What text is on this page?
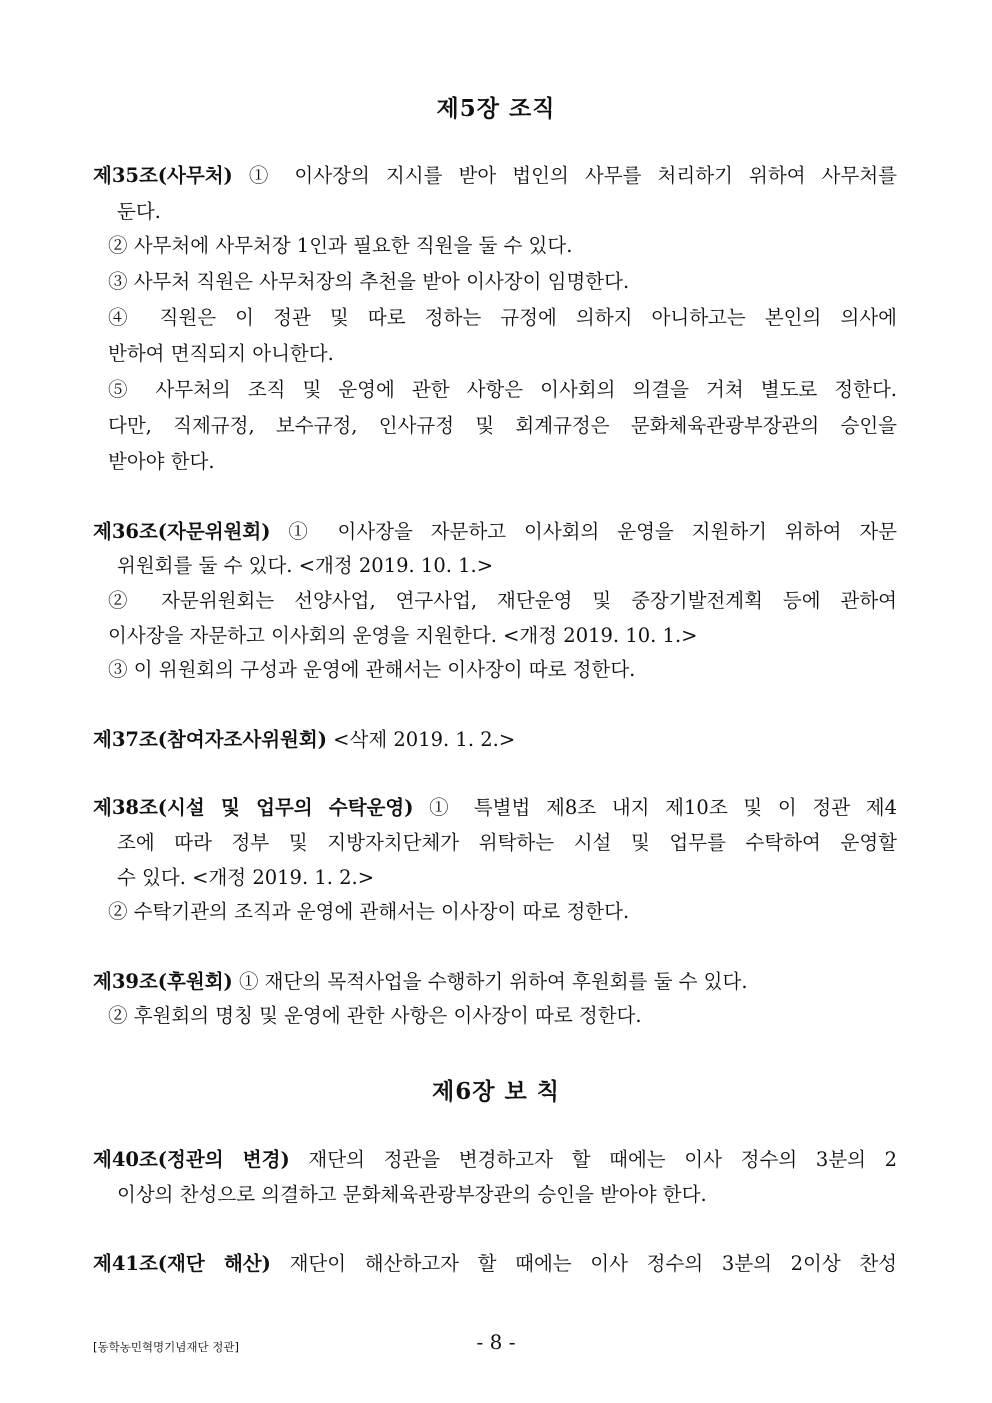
제5장 조직
제35조(사무처) ① 이사장의 지시를 받아 법인의 사무를 처리하기 위하여 사무처를
둔다.
② 사무처에 사무처장 1인과 필요한 직원을 둘 수 있다.
③ 사무처 직원은 사무처장의 추천을 받아 이사장이 임명한다.
④ 직원은 이 정관 및 따로 정하는 규정에 의하지 아니하고는 본인의 의사에
반하여 면직되지 아니한다.
⑤ 사무처의 조직 및 운영에 관한 사항은 이사회의 의결을 거쳐 별도로 정한다.
다만, 직제규정, 보수규정, 인사규정 및 회계규정은 문화체육관광부장관의 승인을
받아야 한다.
제36조(자문위원회) ① 이사장을 자문하고 이사회의 운영을 지원하기 위하여 자문
위원회를 둘 수 있다. <개정 2019. 10. 1.>
② 자문위원회는 선양사업, 연구사업, 재단운영 및 중장기발전계획 등에 관하여
이사장을 자문하고 이사회의 운영을 지원한다. <개정 2019. 10. 1.>
③ 이 위원회의 구성과 운영에 관해서는 이사장이 따로 정한다.
제37조(참여자조사위원회) <삭제 2019. 1. 2.>
제38조(시설 및 업무의 수탁운영) ① 특별법 제8조 내지 제10조 및 이 정관 제4
조에 따라 정부 및 지방자치단체가 위탁하는 시설 및 업무를 수탁하여 운영할
수 있다. <개정 2019. 1. 2.>
② 수탁기관의 조직과 운영에 관해서는 이사장이 따로 정한다.
제39조(후원회) ① 재단의 목적사업을 수행하기 위하여 후원회를 둘 수 있다.
② 후원회의 명칭 및 운영에 관한 사항은 이사장이 따로 정한다.
제6장 보 칙
제40조(정관의 변경) 재단의 정관을 변경하고자 할 때에는 이사 정수의 3분의 2
이상의 찬성으로 의결하고 문화체육관광부장관의 승인을 받아야 한다.
제41조(재단 해산) 재단이 해산하고자 할 때에는 이사 정수의 3분의 2이상 찬성
[동학농민혁명기념재단 정관]	- 8 -
